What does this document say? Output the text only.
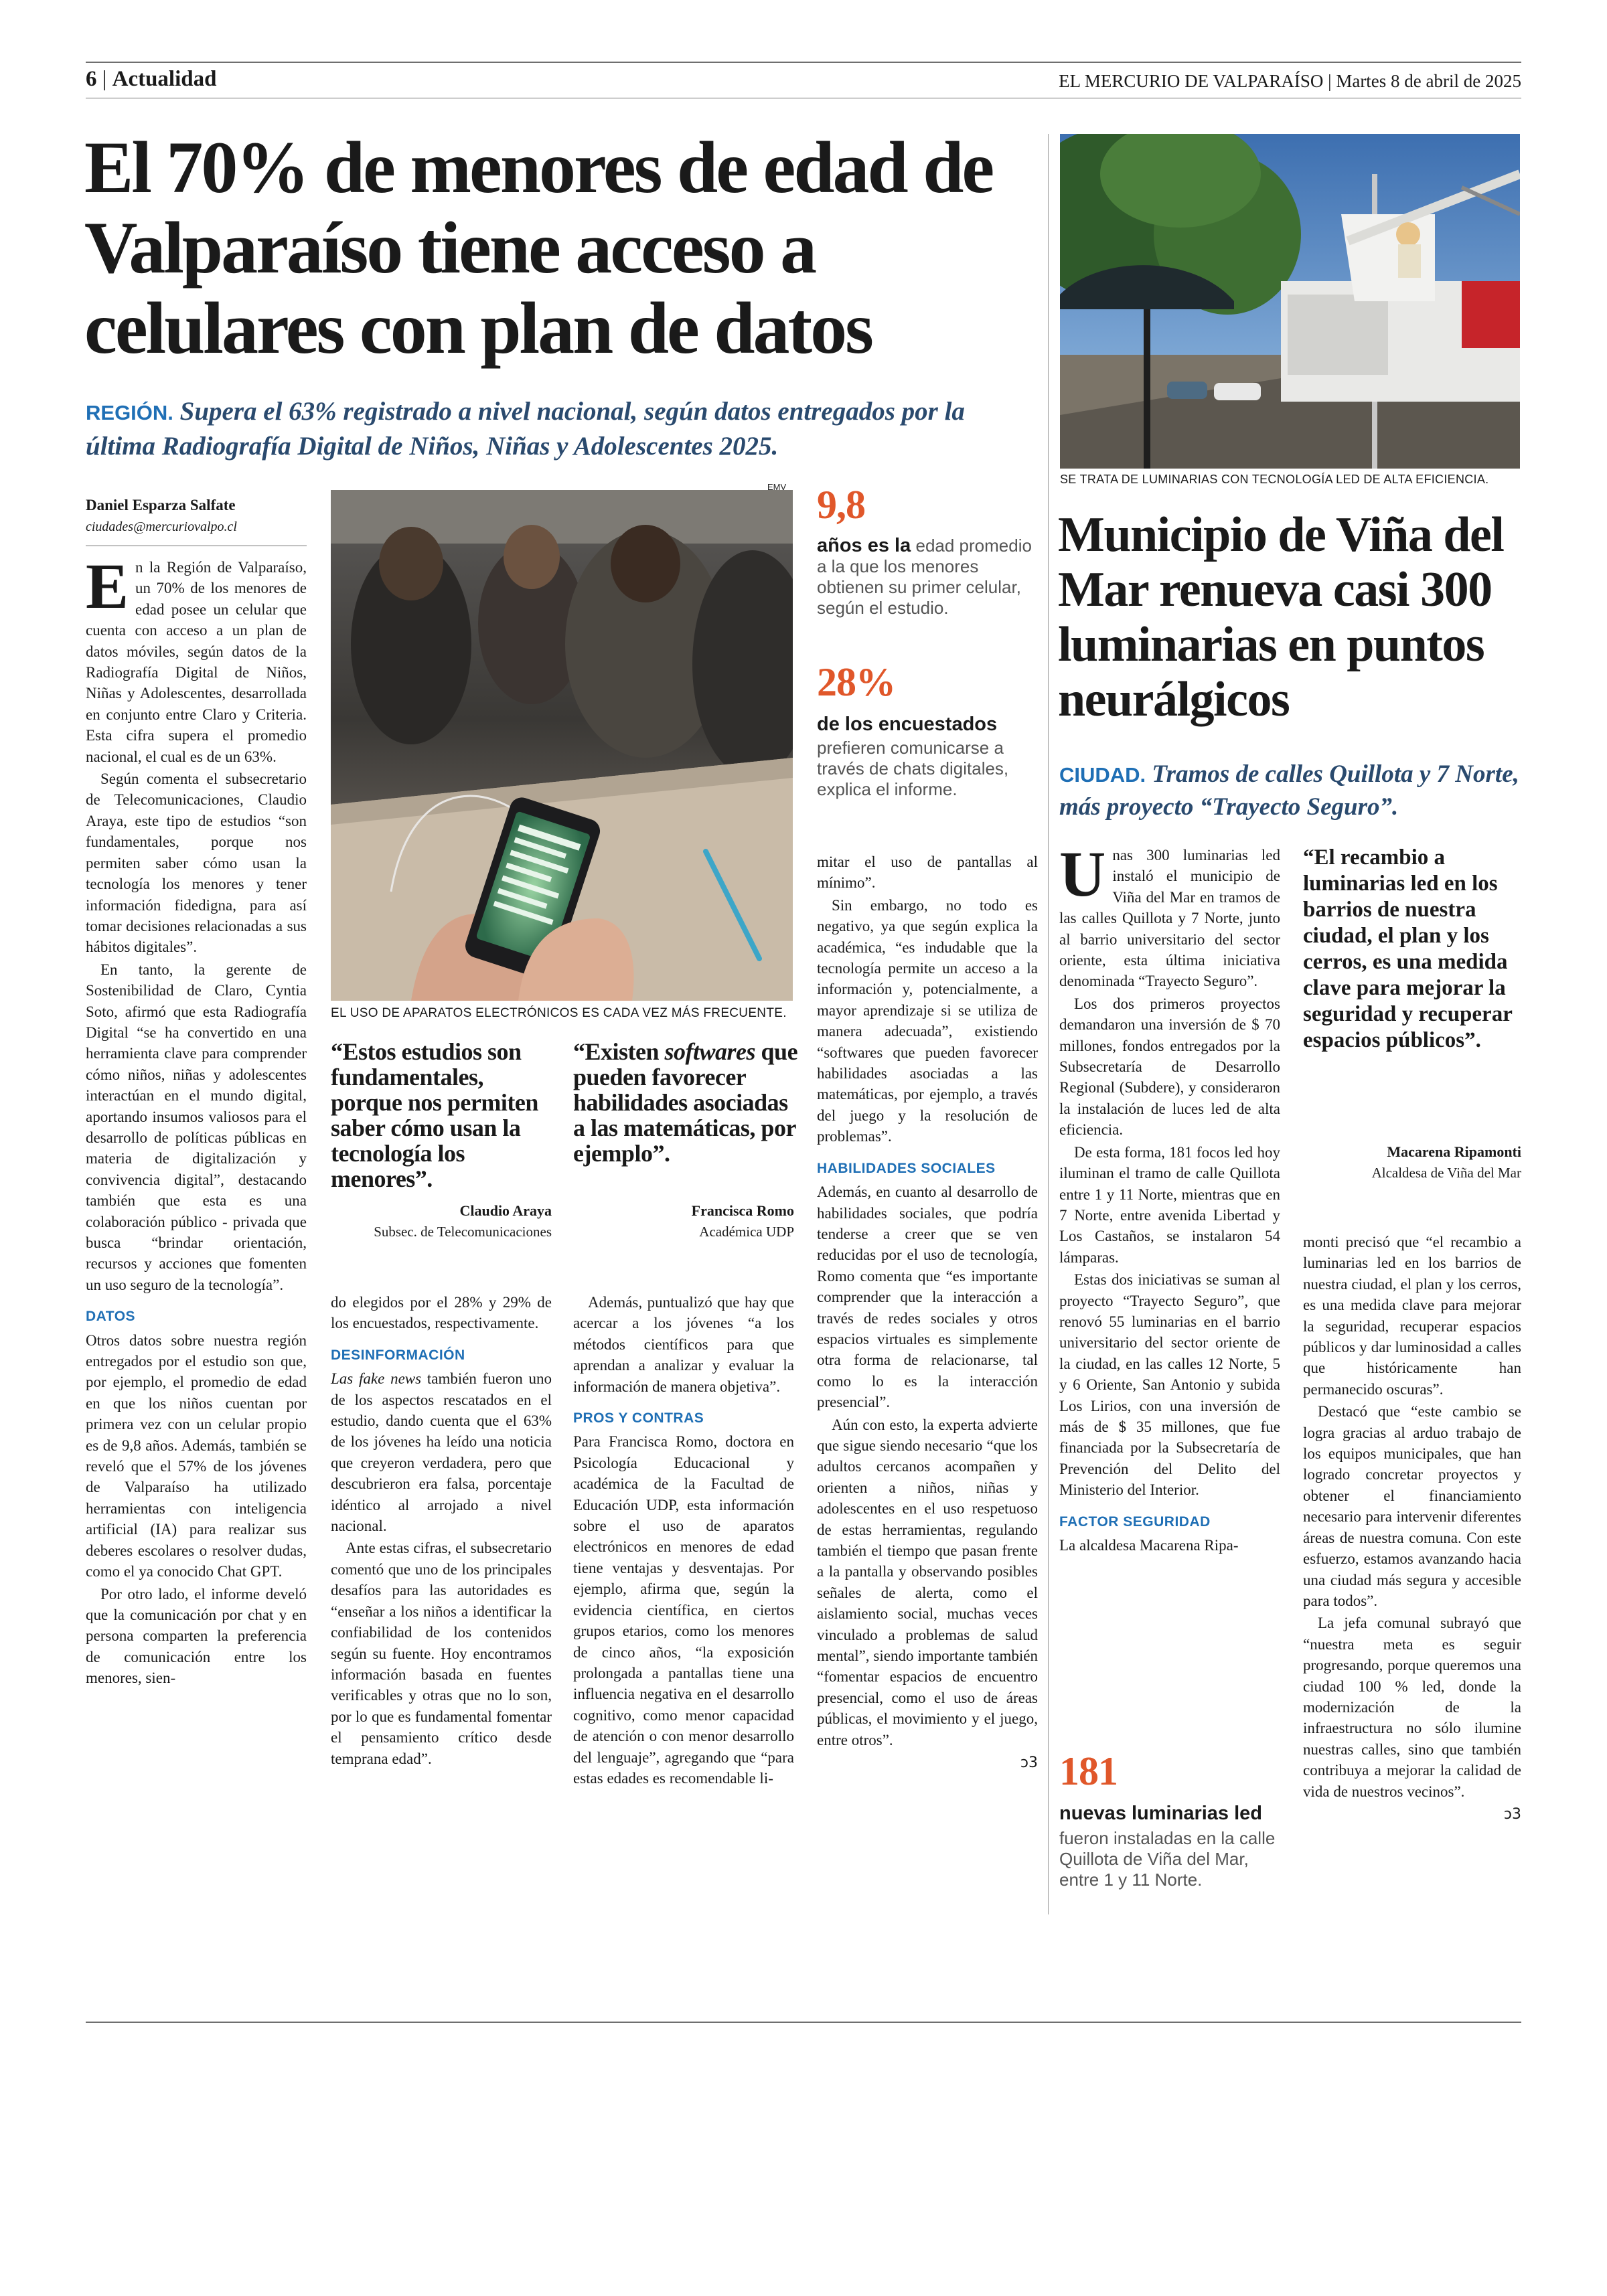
6 | Actualidad	EL MERCURIO DE VALPARAÍSO | Martes 8 de abril de 2025
El 70% de menores de edad de Valparaíso tiene acceso a celulares con plan de datos
REGIÓN. Supera el 63% registrado a nivel nacional, según datos entregados por la última Radiografía Digital de Niños, Niñas y Adolescentes 2025.
Daniel Esparza Salfate
ciudades@mercuriovalpo.cl

En la Región de Valparaíso, un 70% de los menores de edad posee un celular que cuenta con acceso a un plan de datos móviles, según datos de la Radiografía Digital de Niños, Niñas y Adolescentes, desarrollada en conjunto entre Claro y Criteria. Esta cifra supera el promedio nacional, el cual es de un 63%.

Según comenta el subsecretario de Telecomunicaciones, Claudio Araya, este tipo de estudios “son fundamentales, porque nos permiten saber cómo usan la tecnología los menores y tener información fidedigna, para así tomar decisiones relacionadas a sus hábitos digitales”.

En tanto, la gerente de Sostenibilidad de Claro, Cyntia Soto, afirmó que esta Radiografía Digital “se ha convertido en una herramienta clave para comprender cómo niños, niñas y adolescentes interactúan en el mundo digital, aportando insumos valiosos para el desarrollo de políticas públicas en materia de digitalización y convivencia digital”, destacando también que esta es una colaboración público - privada que busca “brindar orientación, recursos y acciones que fomenten un uso seguro de la tecnología”.

DATOS

Otros datos sobre nuestra región entregados por el estudio son que, por ejemplo, el promedio de edad en que los niños cuentan por primera vez con un celular propio es de 9,8 años. Además, también se reveló que el 57% de los jóvenes de Valparaíso ha utilizado herramientas con inteligencia artificial (IA) para realizar sus deberes escolares o resolver dudas, como el ya conocido Chat GPT.

Por otro lado, el informe develó que la comunicación por chat y en persona comparten la preferencia de comunicación entre los menores, sien-

EMV
EL USO DE APARATOS ELECTRÓNICOS ES CADA VEZ MÁS FRECUENTE.
“Estos estudios son fundamentales, porque nos permiten saber cómo usan la tecnología los menores”.
Claudio Araya
Subsec. de Telecomunicaciones
“Existen softwares que pueden favorecer habilidades asociadas a las matemáticas, por ejemplo”.
Francisca Romo
Académica UDP

do elegidos por el 28% y 29% de los encuestados, respectivamente.

DESINFORMACIÓN

Las fake news también fueron uno de los aspectos rescatados en el estudio, dando cuenta que el 63% de los jóvenes ha leído una noticia que creyeron verdadera, pero que descubrieron era falsa, porcentaje idéntico al arrojado a nivel nacional.

Ante estas cifras, el subsecretario comentó que uno de los principales desafíos para las autoridades es “enseñar a los niños a identificar la confiabilidad de los contenidos según su fuente. Hoy encontramos información basada en fuentes verificables y otras que no lo son, por lo que es fundamental fomentar el pensamiento crítico desde temprana edad”.

Además, puntualizó que hay que acercar a los jóvenes “a los métodos científicos para que aprendan a analizar y evaluar la información de manera objetiva”.

PROS Y CONTRAS

Para Francisca Romo, doctora en Psicología Educacional y académica de la Facultad de Educación UDP, esta información sobre el uso de aparatos electrónicos en menores de edad tiene ventajas y desventajas. Por ejemplo, afirma que, según la evidencia científica, en ciertos grupos etarios, como los menores de cinco años, “la exposición prolongada a pantallas tiene una influencia negativa en el desarrollo cognitivo, como menor capacidad de atención o con menor desarrollo del lenguaje”, agregando que “para estas edades es recomendable li-

9,8
años es la edad promedio a la que los menores obtienen su primer celular, según el estudio.
28%
de los encuestados
prefieren comunicarse a través de chats digitales, explica el informe.

mitar el uso de pantallas al mínimo”.

Sin embargo, no todo es negativo, ya que según explica la académica, “es indudable que la tecnología permite un acceso a la información y, potencialmente, a mayor aprendizaje si se utiliza de manera adecuada”, existiendo “softwares que pueden favorecer habilidades asociadas a las matemáticas, por ejemplo, a través del juego y la resolución de problemas”.

HABILIDADES SOCIALES

Además, en cuanto al desarrollo de habilidades sociales, que podría tenderse a creer que se ven reducidas por el uso de tecnología, Romo comenta que “es importante comprender que la interacción a través de redes sociales y otros espacios virtuales es simplemente otra forma de relacionarse, tal como lo es la interacción presencial”.

Aún con esto, la experta advierte que sigue siendo necesario “que los adultos cercanos acompañen y orienten a niños, niñas y adolescentes en el uso respetuoso de estas herramientas, regulando también el tiempo que pasan frente a la pantalla y observando posibles señales de alerta, como el aislamiento social, muchas veces vinculado a problemas de salud mental”, siendo importante también “fomentar espacios de encuentro presencial, como el uso de áreas públicas, el movimiento y el juego, entre otros”.

ↄ3
SE TRATA DE LUMINARIAS CON TECNOLOGÍA LED DE ALTA EFICIENCIA.
Municipio de Viña del Mar renueva casi 300 luminarias en puntos neurálgicos
CIUDAD. Tramos de calles Quillota y 7 Norte, más proyecto “Trayecto Seguro”.

Unas 300 luminarias led instaló el municipio de Viña del Mar en tramos de las calles Quillota y 7 Norte, junto al barrio universitario del sector oriente, esta última iniciativa denominada “Trayecto Seguro”.

Los dos primeros proyectos demandaron una inversión de $ 70 millones, fondos entregados por la Subsecretaría de Desarrollo Regional (Subdere), y consideraron la instalación de luces led de alta eficiencia.

De esta forma, 181 focos led hoy iluminan el tramo de calle Quillota entre 1 y 11 Norte, mientras que en 7 Norte, entre avenida Libertad y Los Castaños, se instalaron 54 lámparas.

Estas dos iniciativas se suman al proyecto “Trayecto Seguro”, que renovó 55 luminarias en el barrio universitario del sector oriente de la ciudad, en las calles 12 Norte, 5 y 6 Oriente, San Antonio y subida Los Lirios, con una inversión de más de $ 35 millones, que fue financiada por la Subsecretaría de Prevención del Delito del Ministerio del Interior.

FACTOR SEGURIDAD

La alcaldesa Macarena Ripa-

181
nuevas luminarias led
fueron instaladas en la calle Quillota de Viña del Mar, entre 1 y 11 Norte.
“El recambio a luminarias led en los barrios de nuestra ciudad, el plan y los cerros, es una medida clave para mejorar la seguridad y recuperar espacios públicos”.
Macarena Ripamonti
Alcaldesa de Viña del Mar

monti precisó que “el recambio a luminarias led en los barrios de nuestra ciudad, el plan y los cerros, es una medida clave para mejorar la seguridad, recuperar espacios públicos y dar luminosidad a calles que históricamente han permanecido oscuras”.

Destacó que “este cambio se logra gracias al arduo trabajo de los equipos municipales, que han logrado concretar proyectos y obtener el financiamiento necesario para intervenir diferentes áreas de nuestra comuna. Con este esfuerzo, estamos avanzando hacia una ciudad más segura y accesible para todos”.

La jefa comunal subrayó que “nuestra meta es seguir progresando, porque queremos una ciudad 100 % led, donde la modernización de la infraestructura no sólo ilumine nuestras calles, sino que también contribuya a mejorar la calidad de vida de nuestros vecinos”.

ↄ3
